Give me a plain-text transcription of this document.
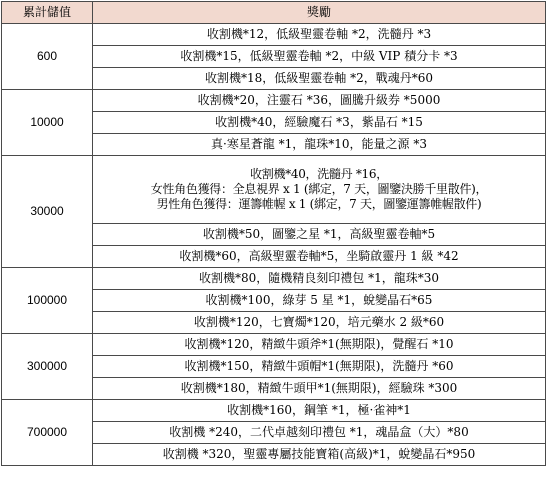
累計儲值	獎勵
600	收割機*12，低級聖靈卷軸 *2，洗髓丹 *3

	收割機*15，低級聖靈卷軸 *2，中級 VIP 積分卡 *3

	收割機*18，低級聖靈卷軸 *2，戰魂丹*60

10000	收割機*20，注靈石 *36，圖騰升級券 *5000

	收割機*40，經驗魔石 *3，紫晶石 *15

	真·寒星蒼龍 *1，龍珠*10，能量之源 *3

30000	收割機*40，洗髓丹 *16，
女性角色獲得：全息視界 x 1 (綁定，7 天，圖鑒決勝千里散件)，
男性角色獲得：運籌帷幄 x 1 (綁定，7 天，圖鑒運籌帷幄散件)

	收割機*50，圖鑒之星 *1，高級聖靈卷軸*5

	收割機*60，高級聖靈卷軸*5，坐騎啟靈丹 1 級 *42

100000	收割機*80，隨機精良刻印禮包 *1，龍珠*30

	收割機*100，綠芽 5 星 *1，蛻變晶石*65

	收割機*120，七寶燭*120，培元藥水 2 級*60

300000	收割機*120，精緻牛頭斧*1(無期限)，覺醒石 *10

	收割機*150，精緻牛頭帽*1(無期限)，洗髓丹 *60

	收割機*180，精緻牛頭甲*1(無期限)，經驗珠 *300

700000	收割機*160，鋼筆 *1，極·雀神*1

	收割機 *240，二代卓越刻印禮包 *1，魂晶盒（大）*80

	收割機 *320，聖靈專屬技能寶箱(高級)*1，蛻變晶石*950
